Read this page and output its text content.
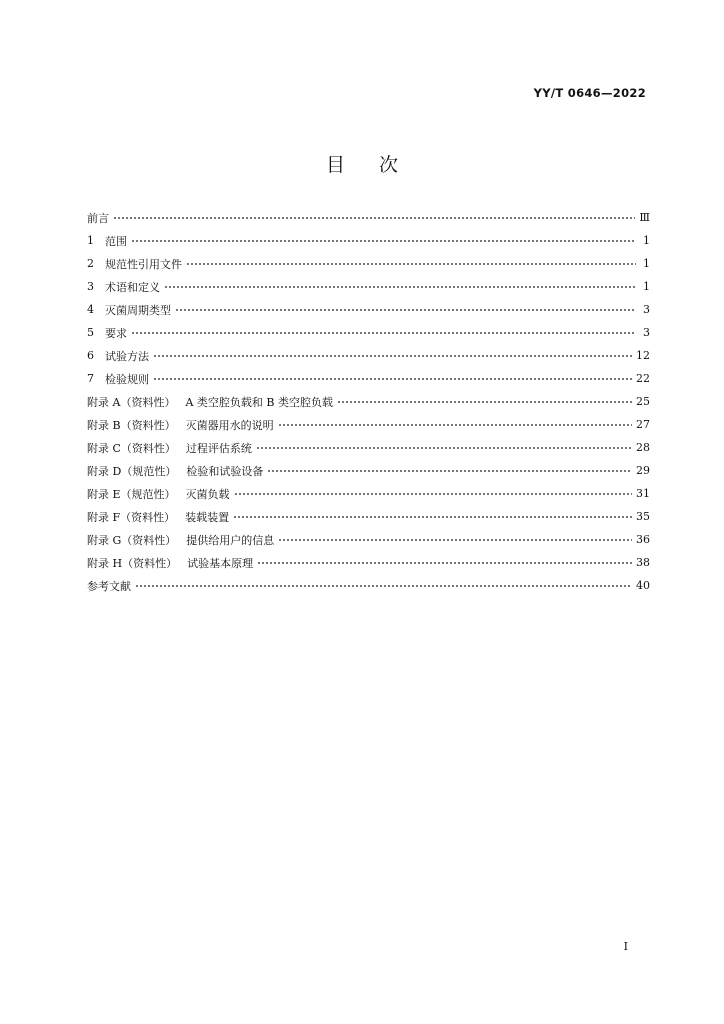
YY/T 0646—2022
目次
前言	Ⅲ
1	范围	1
2	规范性引用文件	1
3	术语和定义	1
4	灭菌周期类型	3
5	要求	3
6	试验方法	12
7	检验规则	22
附录 A（资料性） A 类空腔负载和 B 类空腔负载	25
附录 B（资料性） 灭菌器用水的说明	27
附录 C（资料性） 过程评估系统	28
附录 D（规范性） 检验和试验设备	29
附录 E（规范性） 灭菌负载	31
附录 F（资料性） 装载装置	35
附录 G（资料性） 提供给用户的信息	36
附录 H（资料性） 试验基本原理	38
参考文献	40
I
